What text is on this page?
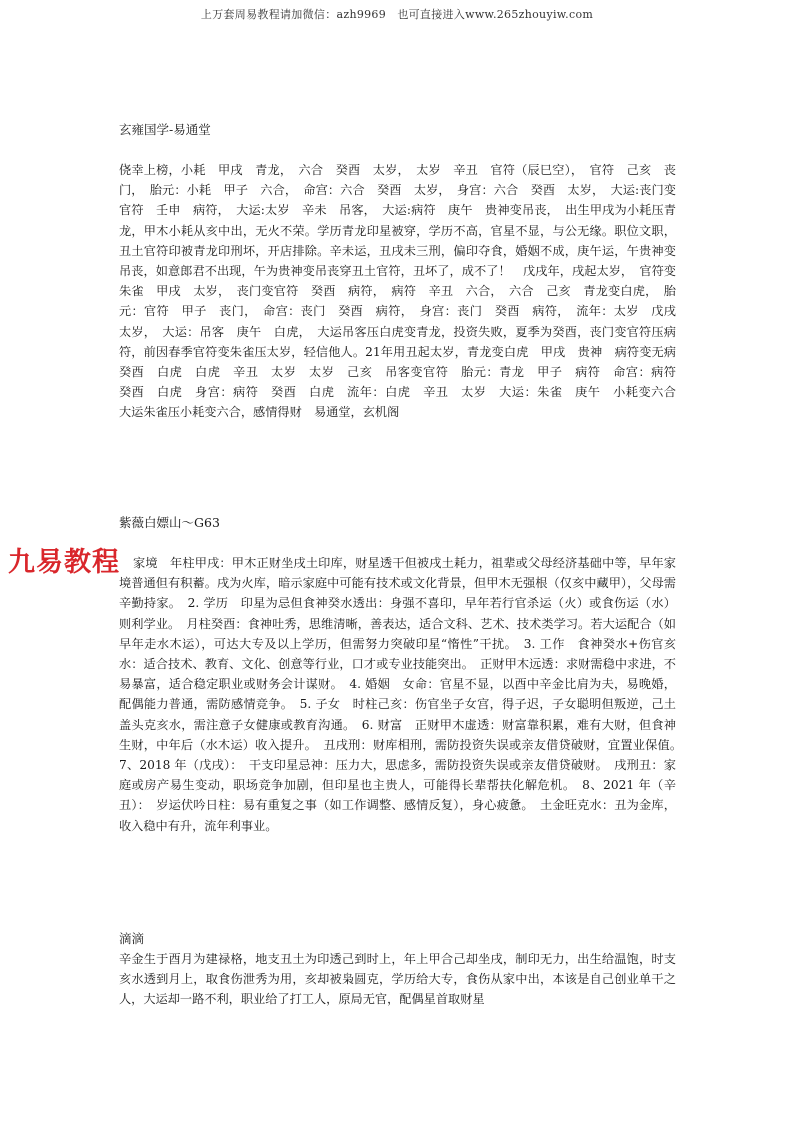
上万套周易教程请加微信：azh9969　也可直接进入www.265zhouyiw.com
玄雍国学-易通堂

侥幸上榜，小耗　甲戌　青龙，　六合　癸酉　太岁，　太岁　辛丑　官符（辰巳空），　官符　己亥　丧门，　胎元：小耗　甲子　六合，　命宫：六合　癸酉　太岁，　身宫：六合　癸酉　太岁，　大运:丧门变官符　壬申　病符，　大运:太岁　辛未　吊客，　大运:病符　庚午　贵神变吊丧，　出生甲戌为小耗压青龙，甲木小耗从亥中出，无火不荣。学历青龙印星被穿，学历不高，官星不显，与公无缘。职位文职，丑土官符印被青龙印刑坏，开店排除。辛未运，丑戌未三刑，偏印夺食，婚姻不成，庚午运，午贵神变吊丧，如意郎君不出现，午为贵神变吊丧穿丑土官符，丑坏了，成不了！　戊戌年，戌起太岁，　官符变朱雀　甲戌　太岁，　丧门变官符　癸酉　病符，　病符　辛丑　六合，　六合　己亥　青龙变白虎，　胎元：官符　甲子　丧门，　命宫：丧门　癸酉　病符，　身宫：丧门　癸酉　病符，　流年：太岁　戊戌　太岁，　大运：吊客　庚午　白虎，　大运吊客压白虎变青龙，投资失败，夏季为癸酉，丧门变官符压病符，前因春季官符变朱雀压太岁，轻信他人。21年用丑起太岁，青龙变白虎　甲戌　贵神　病符变无病　癸酉　白虎　白虎　辛丑　太岁　太岁　己亥　吊客变官符　胎元：青龙　甲子　病符　命宫：病符　癸酉　白虎　身宫：病符　癸酉　白虎　流年：白虎　辛丑　太岁　大运：朱雀　庚午　小耗变六合　大运朱雀压小耗变六合，感情得财　易通堂，玄机阁

紫薇白嫖山～G63

家境　年柱甲戌：甲木正财坐戌土印库，财星透干但被戌土耗力，祖辈或父母经济基础中等，早年家境普通但有积蓄。戌为火库，暗示家庭中可能有技术或文化背景，但甲木无强根（仅亥中藏甲），父母需辛勤持家。　2. 学历　印星为忌但食神癸水透出：身强不喜印，早年若行官杀运（火）或食伤运（水）则利学业。　月柱癸酉：食神吐秀，思维清晰，善表达，适合文科、艺术、技术类学习。若大运配合（如早年走水木运），可达大专及以上学历，但需努力突破印星“惰性”干扰。　3. 工作　食神癸水+伤官亥水：适合技术、教育、文化、创意等行业，口才或专业技能突出。　正财甲木远透：求财需稳中求进，不易暴富，适合稳定职业或财务会计谋财。　4. 婚姻　女命：官星不显，以酉中辛金比肩为夫，易晚婚，配偶能力普通，需防感情竞争。　5. 子女　时柱己亥：伤官坐子女宫，得子迟，子女聪明但叛逆，己土盖头克亥水，需注意子女健康或教育沟通。　6. 财富　正财甲木虚透：财富靠积累，难有大财，但食神生财，中年后（水木运）收入提升。　丑戌刑：财库相刑，需防投资失误或亲友借贷破财，宜置业保值。　7、2018 年（戊戌）：　干支印星忌神：压力大，思虑多，需防投资失误或亲友借贷破财。　戌刑丑：家庭或房产易生变动，职场竞争加剧，但印星也主贵人，可能得长辈帮扶化解危机。　8、2021 年（辛丑）：　岁运伏吟日柱：易有重复之事（如工作调整、感情反复），身心疲惫。　土金旺克水：丑为金库，收入稳中有升，流年利事业。

滴滴

辛金生于酉月为建禄格，地支丑土为印透己到时上，年上甲合己却坐戌，制印无力，出生给温饱，时支亥水透到月上，取食伤泄秀为用，亥却被枭圆克，学历给大专，食伤从家中出，本该是自己创业单干之人，大运却一路不利，职业给了打工人，原局无官，配偶星首取财星

九易教程
